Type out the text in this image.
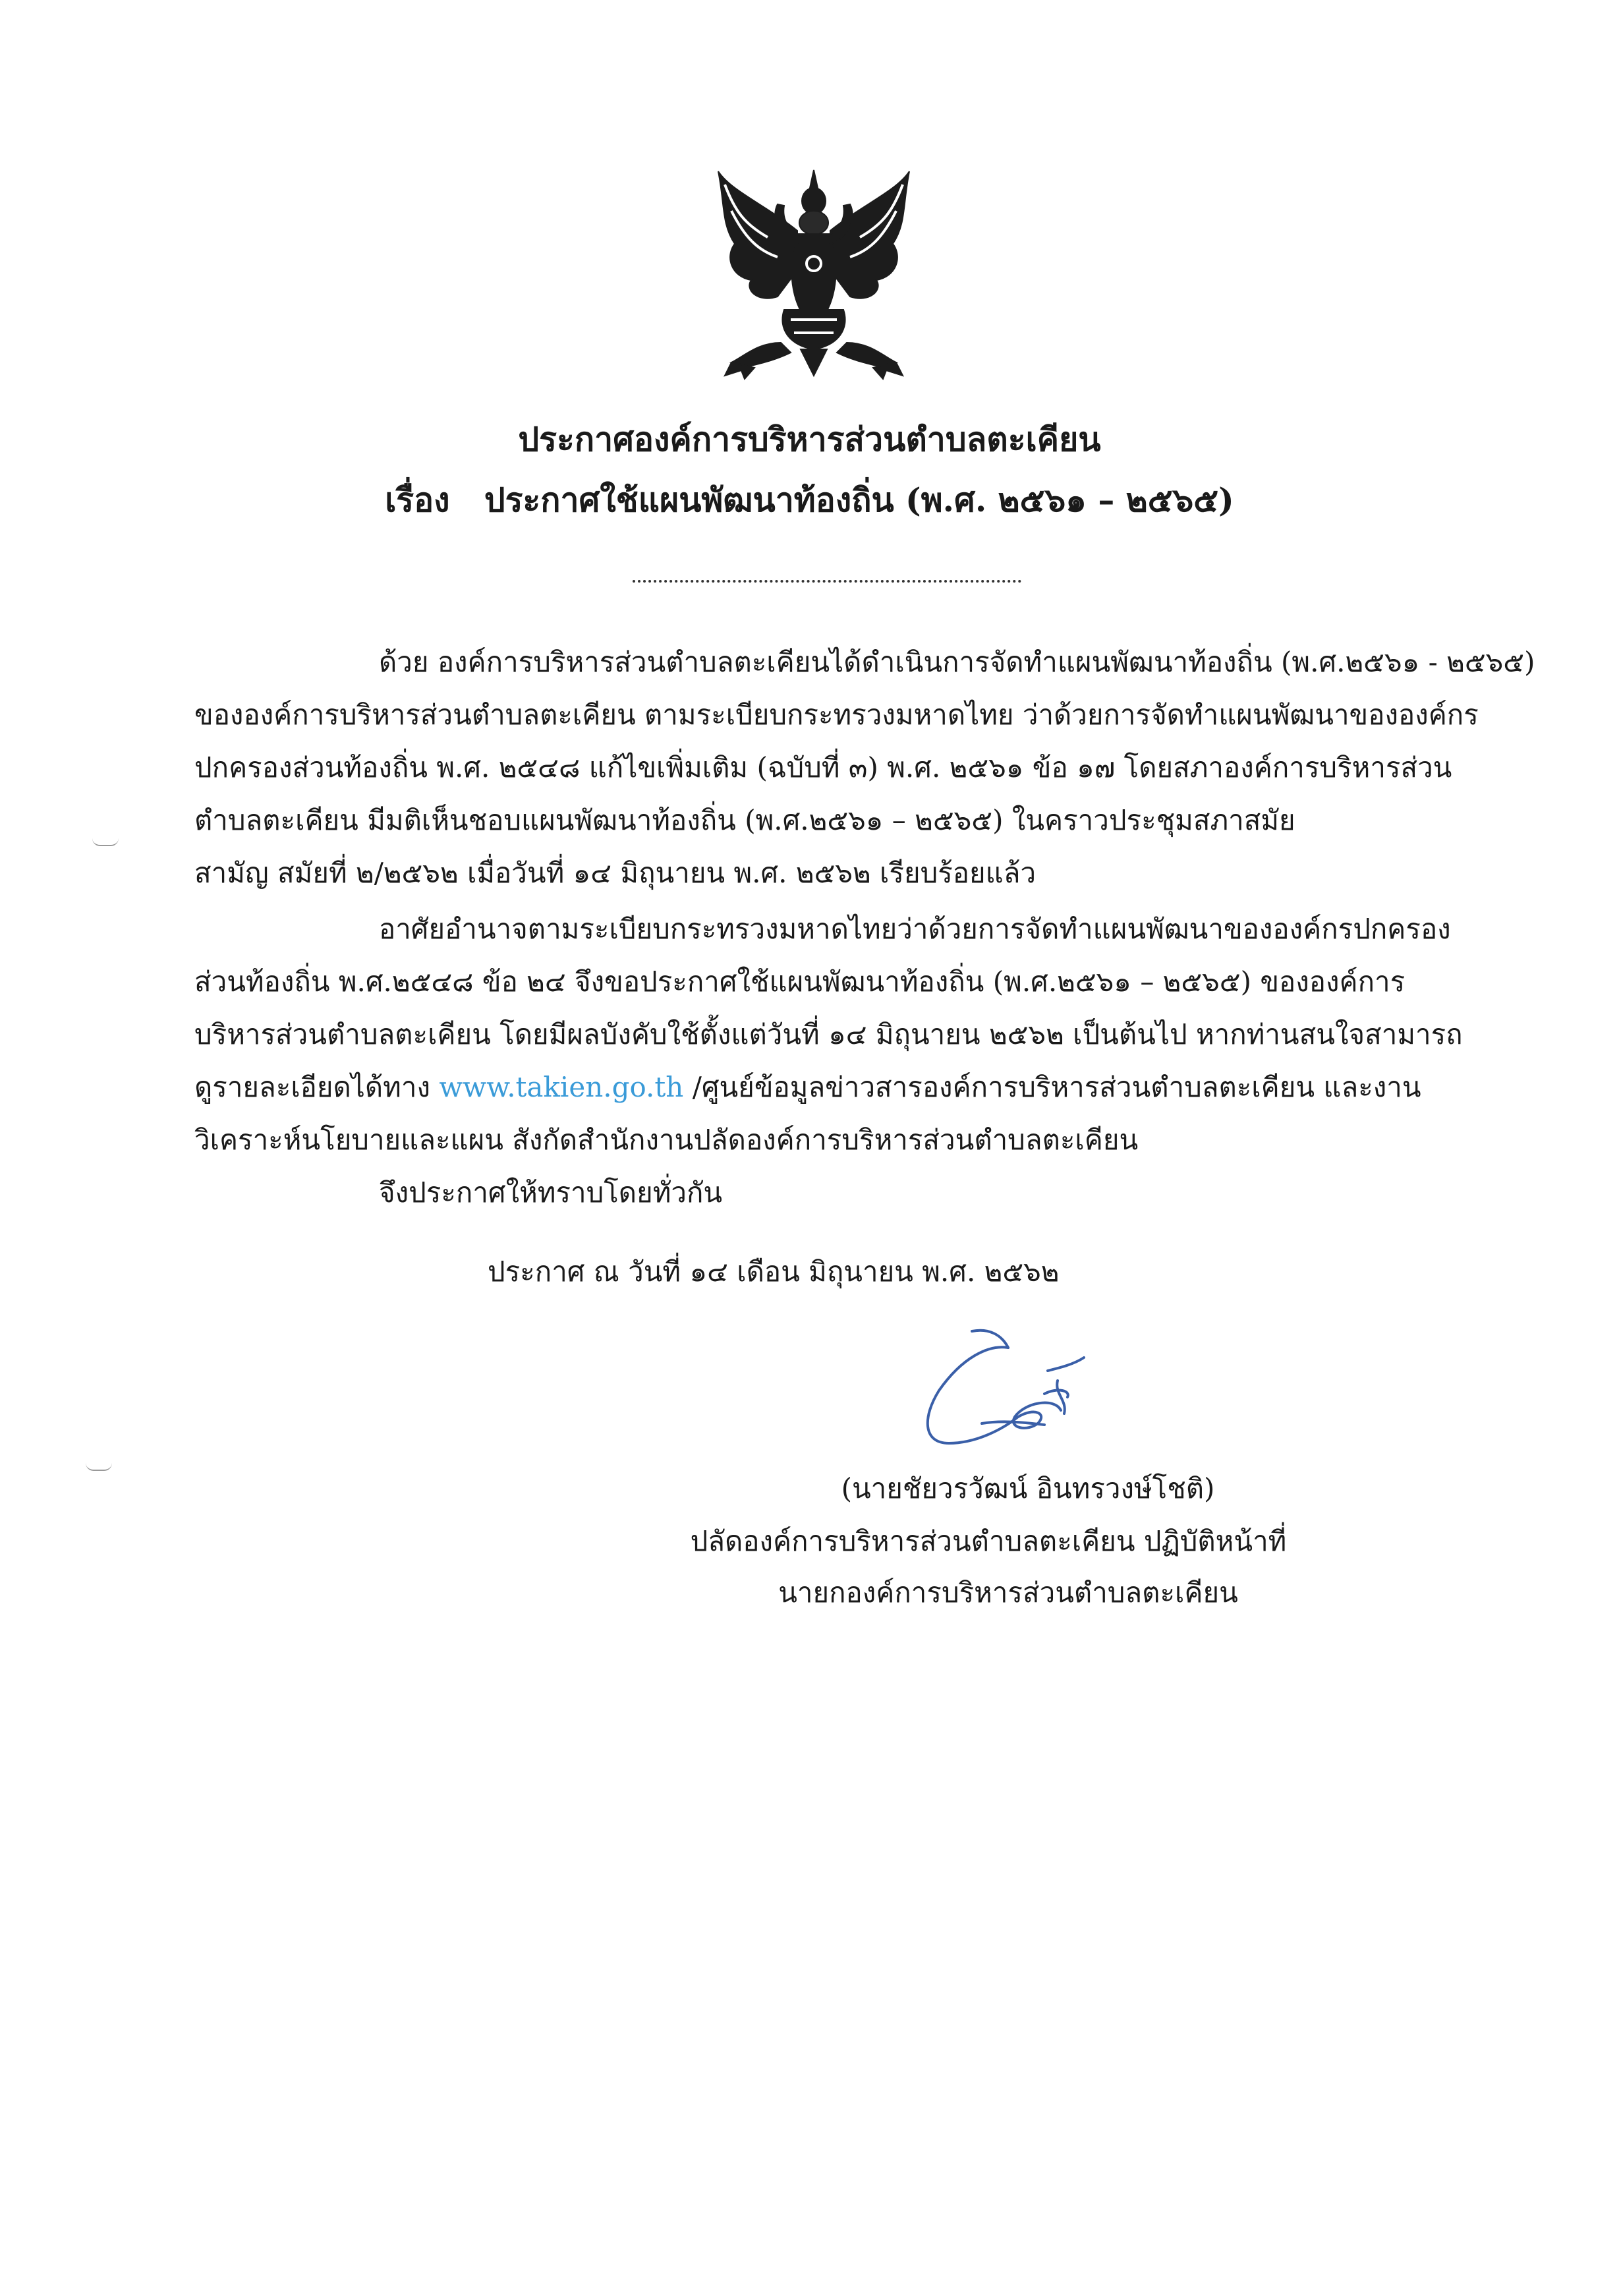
ประกาศองค์การบริหารส่วนตำบลตะเคียน
เรื่อง ประกาศใช้แผนพัฒนาท้องถิ่น (พ.ศ. ๒๕๖๑ – ๒๕๖๕)
ด้วย องค์การบริหารส่วนตำบลตะเคียนได้ดำเนินการจัดทำแผนพัฒนาท้องถิ่น (พ.ศ.๒๕๖๑ - ๒๕๖๕)
ขององค์การบริหารส่วนตำบลตะเคียน ตามระเบียบกระทรวงมหาดไทย ว่าด้วยการจัดทำแผนพัฒนาขององค์กร
ปกครองส่วนท้องถิ่น พ.ศ. ๒๕๔๘ แก้ไขเพิ่มเติม (ฉบับที่ ๓) พ.ศ. ๒๕๖๑ ข้อ ๑๗ โดยสภาองค์การบริหารส่วน
ตำบลตะเคียน มีมติเห็นชอบแผนพัฒนาท้องถิ่น (พ.ศ.๒๕๖๑ – ๒๕๖๕) ในคราวประชุมสภาสมัย
สามัญ สมัยที่ ๒/๒๕๖๒ เมื่อวันที่ ๑๔ มิถุนายน พ.ศ. ๒๕๖๒ เรียบร้อยแล้ว
อาศัยอำนาจตามระเบียบกระทรวงมหาดไทยว่าด้วยการจัดทำแผนพัฒนาขององค์กรปกครอง
ส่วนท้องถิ่น พ.ศ.๒๕๔๘ ข้อ ๒๔ จึงขอประกาศใช้แผนพัฒนาท้องถิ่น (พ.ศ.๒๕๖๑ – ๒๕๖๕) ขององค์การ
บริหารส่วนตำบลตะเคียน โดยมีผลบังคับใช้ตั้งแต่วันที่ ๑๔ มิถุนายน ๒๕๖๒ เป็นต้นไป หากท่านสนใจสามารถ
ดูรายละเอียดได้ทาง www.takien.go.th /ศูนย์ข้อมูลข่าวสารองค์การบริหารส่วนตำบลตะเคียน และงาน
วิเคราะห์นโยบายและแผน สังกัดสำนักงานปลัดองค์การบริหารส่วนตำบลตะเคียน
จึงประกาศให้ทราบโดยทั่วกัน
ประกาศ ณ วันที่ ๑๔ เดือน มิถุนายน พ.ศ. ๒๕๖๒
(นายชัยวรวัฒน์ อินทรวงษ์โชติ)
ปลัดองค์การบริหารส่วนตำบลตะเคียน ปฏิบัติหน้าที่
นายกองค์การบริหารส่วนตำบลตะเคียน
